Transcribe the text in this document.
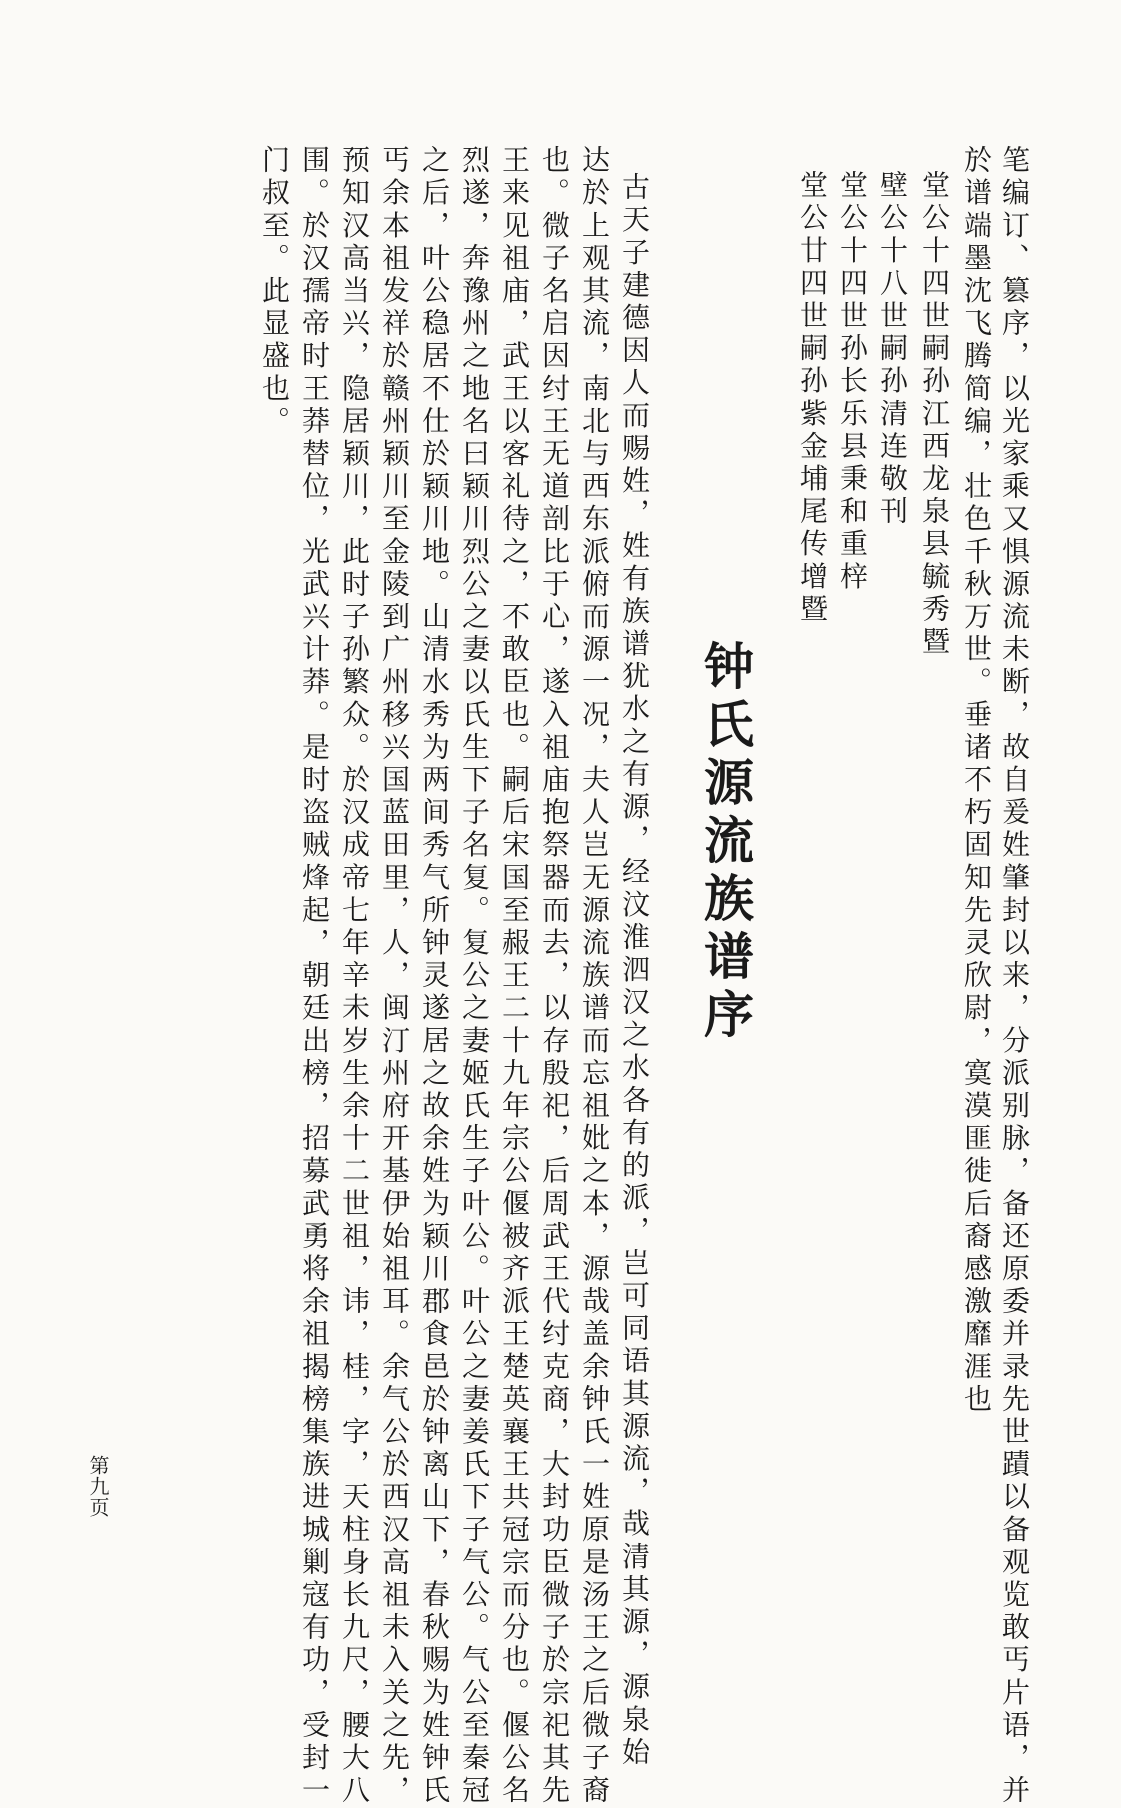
笔编订、篡序，以光家乘又惧源流未断，故自爰姓肇封以来，分派别脉，备还原委并录先世蹟以备观览敢丐片语，并
於谱端墨沈飞腾简编，壮色千秋万世。垂诸不朽固知先灵欣尉，寞漠匪徙后裔感激靡涯也
堂公十四世嗣孙江西龙泉县毓秀暨
壁公十八世嗣孙清连敬刊
堂公十四世孙长乐县秉和重梓
堂公廿四世嗣孙紫金埔尾传增暨
钟氏源流族谱序
古天子建德因人而赐姓，姓有族谱犹水之有源，经汶淮泗汉之水各有的派，岂可同语其源流，哉清其源，源泉始
达於上观其流，南北与西东派俯而源一况，夫人岂无源流族谱而忘祖妣之本，源哉盖余钟氏一姓原是汤王之后微子裔
也。微子名启因纣王无道剖比于心，遂入祖庙抱祭器而去，以存殷祀，后周武王代纣克商，大封功臣微子於宗祀其先
王来见祖庙，武王以客礼待之，不敢臣也。嗣后宋国至赧王二十九年宗公偃被齐派王楚英襄王共冠宗而分也。偃公名
烈遂，奔豫州之地名曰颖川烈公之妻以氏生下子名复。复公之妻姬氏生子叶公。叶公之妻姜氏下子气公。气公至秦冠
之后，叶公稳居不仕於颖川地。山清水秀为两间秀气所钟灵遂居之故余姓为颖川郡食邑於钟离山下，春秋赐为姓钟氏
丐余本祖发祥於赣州颖川至金陵到广州移兴国蓝田里，人，闽汀州府开基伊始祖耳。余气公於西汉高祖未入关之先，
预知汉高当兴，隐居颖川，此时子孙繁众。於汉成帝七年辛未岁生余十二世祖，讳，桂，字，天柱身长九尺，腰大八
围。於汉孺帝时王莽替位，光武兴计莽。是时盗贼烽起，朝廷出榜，招募武勇将余祖揭榜集族进城剿寇有功，受封一
门叔至。此显盛也。
第九页
